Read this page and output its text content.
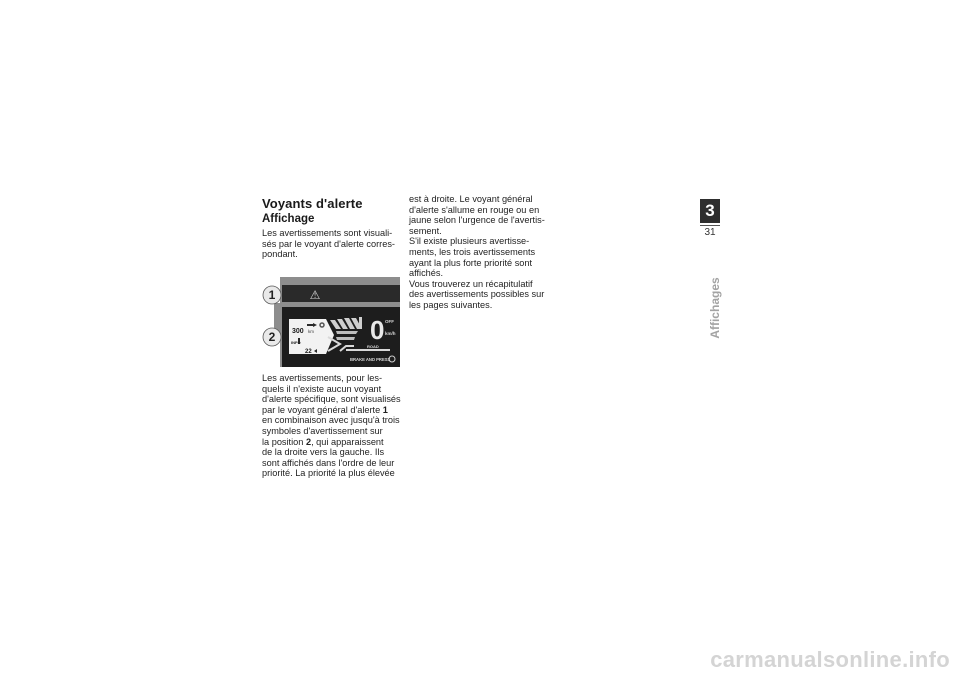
Voyants d'alerte
Affichage

Les avertissements sont visuali-
sés par le voyant d'alerte corres-
pondant.

1
2
⚠
300 km
INFO
22
0 OFF
km/h
ROAD
BRAKE AND PRESS

Les avertissements, pour les-
quels il n'existe aucun voyant
d'alerte spécifique, sont visualisés
par le voyant général d'alerte 1
en combinaison avec jusqu'à trois
symboles d'avertissement sur
la position 2, qui apparaissent
de la droite vers la gauche. Ils
sont affichés dans l'ordre de leur
priorité. La priorité la plus élevée

est à droite. Le voyant général
d'alerte s'allume en rouge ou en
jaune selon l'urgence de l'avertis-
sement.
S'il existe plusieurs avertisse-
ments, les trois avertissements
ayant la plus forte priorité sont
affichés.
Vous trouverez un récapitulatif
des avertissements possibles sur
les pages suivantes.

3
31
Affichages
carmanualsonline.info
